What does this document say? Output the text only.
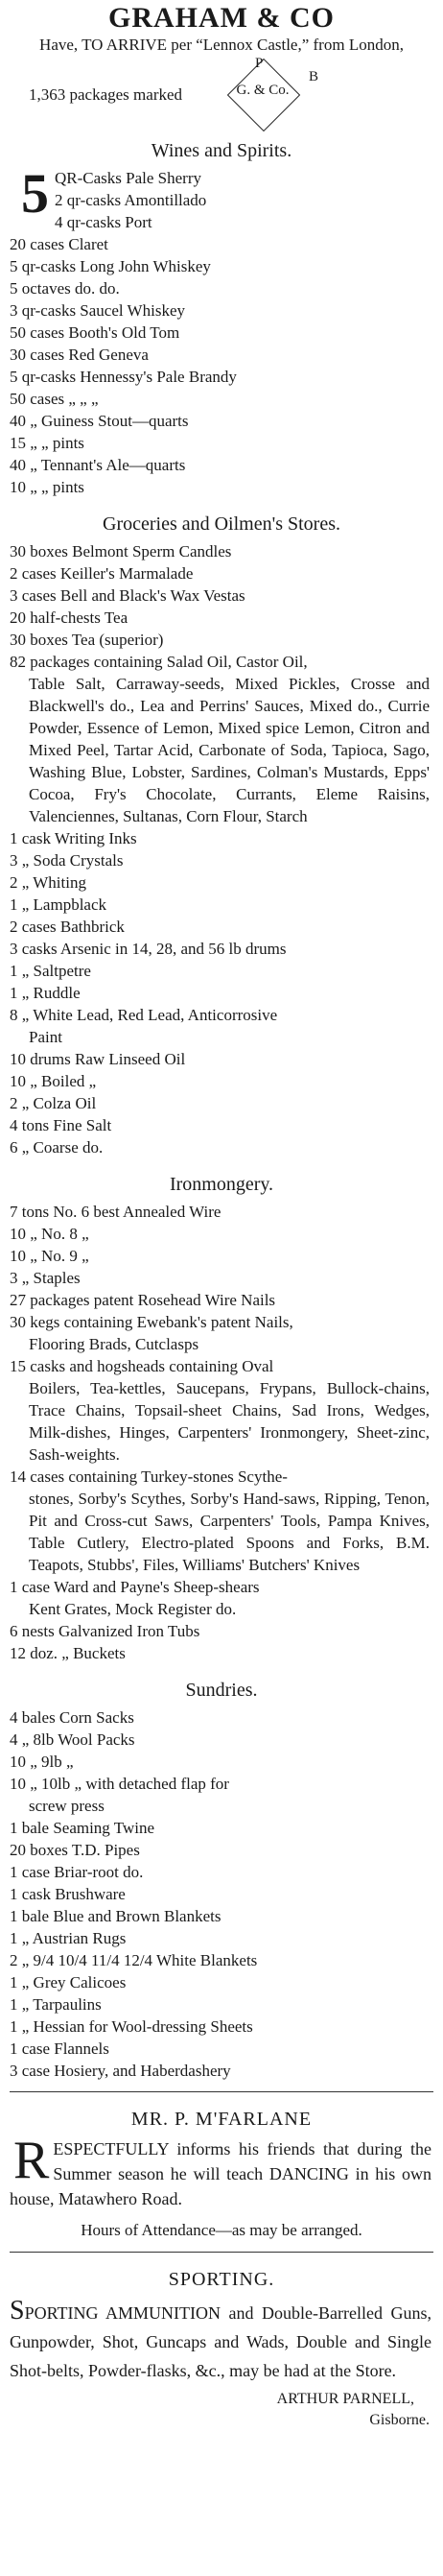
GRAHAM & CO
Have, TO ARRIVE per “Lennox Castle,” from London,
1,363 packages marked
P
B
G. & Co.
Wines and Spirits.
5 QR-Casks Pale Sherry
2 qr-casks Amontillado
4 qr-casks Port
20 cases Claret
5 qr-casks Long John Whiskey
5 octaves do. do.
3 qr-casks Saucel Whiskey
50 cases Booth's Old Tom
30 cases Red Geneva
5 qr-casks Hennessy's Pale Brandy
50 cases „ „ „
40 „ Guiness Stout—quarts
15 „ „ pints
40 „ Tennant's Ale—quarts
10 „ „ pints
Groceries and Oilmen's Stores.
30 boxes Belmont Sperm Candles
2 cases Keiller's Marmalade
3 cases Bell and Black's Wax Vestas
20 half-chests Tea
30 boxes Tea (superior)
82 packages containing Salad Oil, Castor Oil,
Table Salt, Carraway-seeds, Mixed Pickles, Crosse and Blackwell's do., Lea and Perrins' Sauces, Mixed do., Currie Powder, Essence of Lemon, Mixed spice Lemon, Citron and Mixed Peel, Tartar Acid, Carbonate of Soda, Tapioca, Sago, Washing Blue, Lobster, Sardines, Colman's Mustards, Epps' Cocoa, Fry's Chocolate, Currants, Eleme Raisins, Valenciennes, Sultanas, Corn Flour, Starch
1 cask Writing Inks
3 „ Soda Crystals
2 „ Whiting
1 „ Lampblack
2 cases Bathbrick
3 casks Arsenic in 14, 28, and 56 lb drums
1 „ Saltpetre
1 „ Ruddle
8 „ White Lead, Red Lead, Anticorrosive
Paint
10 drums Raw Linseed Oil
10 „ Boiled „
2 „ Colza Oil
4 tons Fine Salt
6 „ Coarse do.
Ironmongery.
7 tons No. 6 best Annealed Wire
10 „ No. 8 „
10 „ No. 9 „
3 „ Staples
27 packages patent Rosehead Wire Nails
30 kegs containing Ewebank's patent Nails,
Flooring Brads, Cutclasps
15 casks and hogsheads containing Oval
Boilers, Tea-kettles, Saucepans, Frypans, Bullock-chains, Trace Chains, Topsail-sheet Chains, Sad Irons, Wedges, Milk-dishes, Hinges, Carpenters' Ironmongery, Sheet-zinc, Sash-weights.
14 cases containing Turkey-stones Scythe-
stones, Sorby's Scythes, Sorby's Hand-saws, Ripping, Tenon, Pit and Cross-cut Saws, Carpenters' Tools, Pampa Knives, Table Cutlery, Electro-plated Spoons and Forks, B.M. Teapots, Stubbs', Files, Williams' Butchers' Knives
1 case Ward and Payne's Sheep-shears
Kent Grates, Mock Register do.
6 nests Galvanized Iron Tubs
12 doz. „ Buckets
Sundries.
4 bales Corn Sacks
4 „ 8lb Wool Packs
10 „ 9lb „
10 „ 10lb „ with detached flap for
screw press
1 bale Seaming Twine
20 boxes T.D. Pipes
1 case Briar-root do.
1 cask Brushware
1 bale Blue and Brown Blankets
1 „ Austrian Rugs
2 „ 9/4 10/4 11/4 12/4 White Blankets
1 „ Grey Calicoes
1 „ Tarpaulins
1 „ Hessian for Wool-dressing Sheets
1 case Flannels
3 case Hosiery, and Haberdashery
MR. P. M'FARLANE
R ESPECTFULLY informs his friends that during the Summer season he will teach DANCING in his own house, Matawhero Road.
Hours of Attendance—as may be arranged.
SPORTING.
SPORTING AMMUNITION and Double-Barrelled Guns, Gunpowder, Shot, Guncaps and Wads, Double and Single Shot-belts, Powder-flasks, &c., may be had at the Store.
ARTHUR PARNELL,
Gisborne.
